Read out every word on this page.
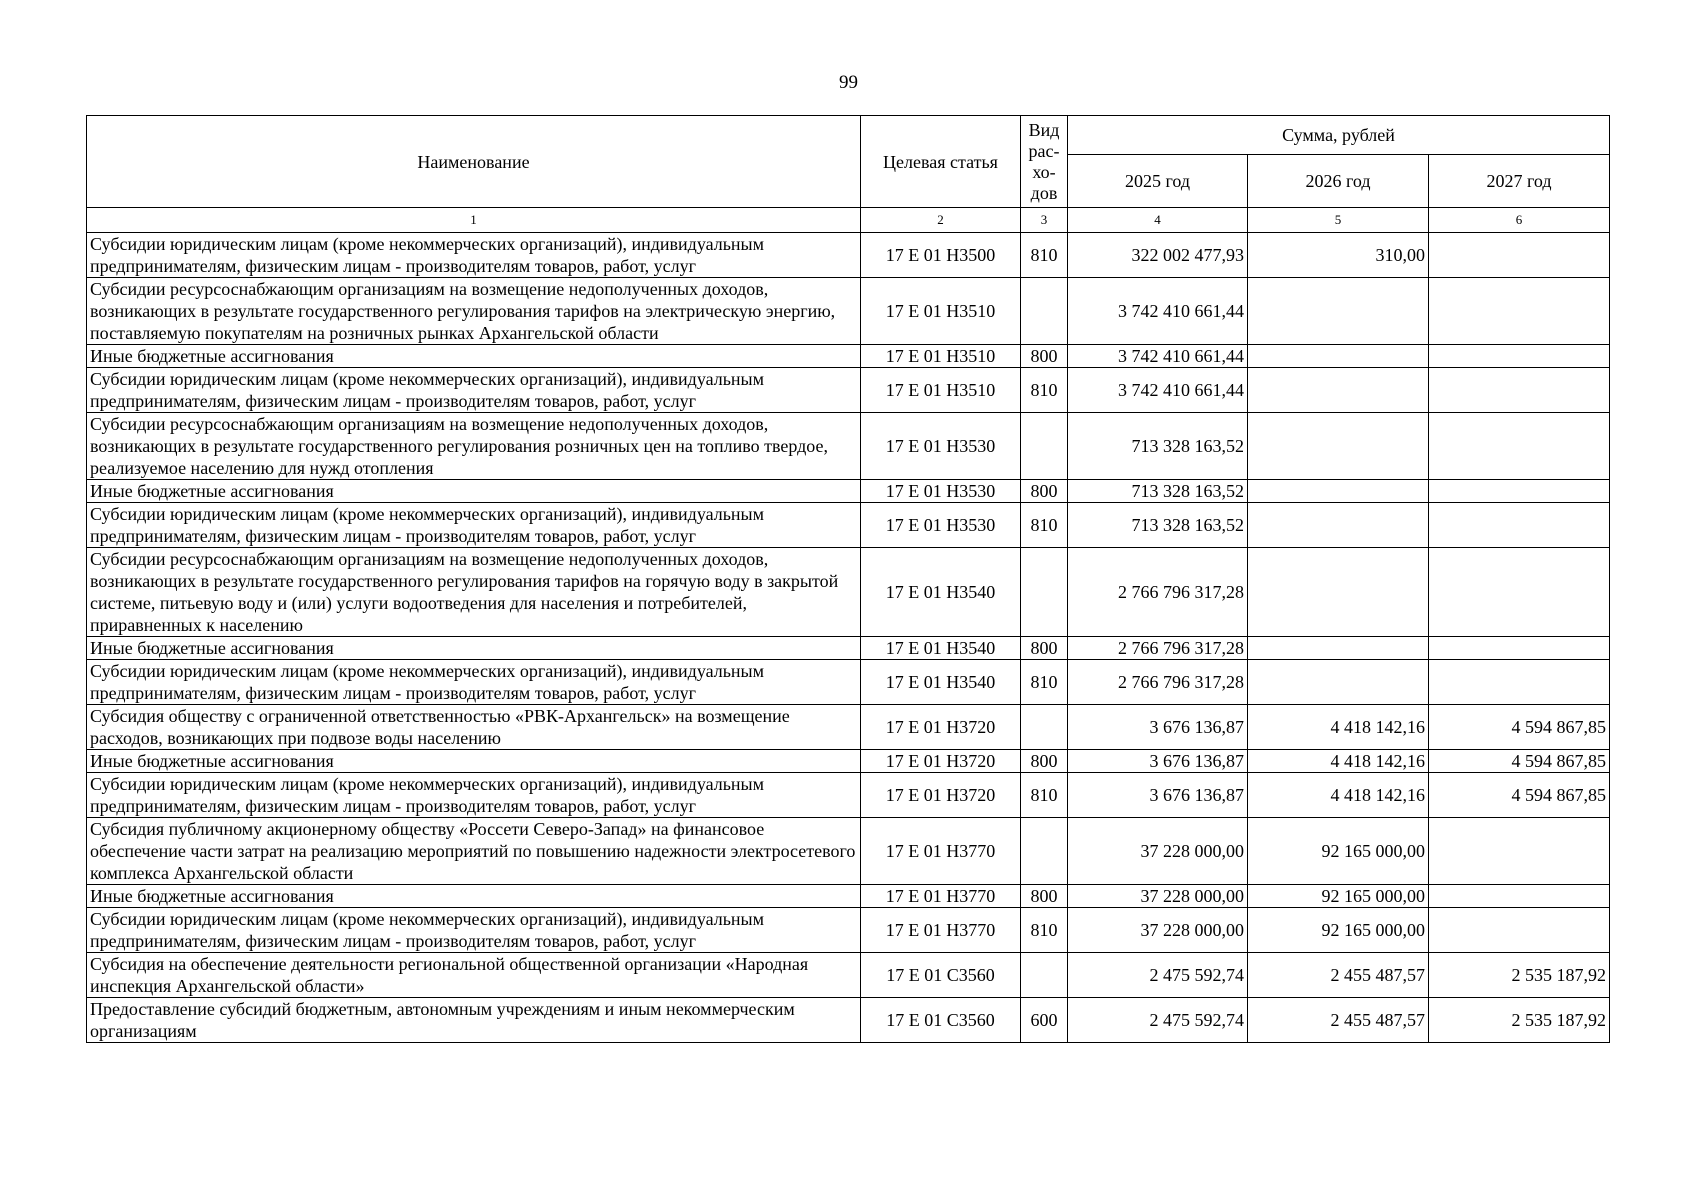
99
Наименование	Целевая статья	Вид рас-хо-дов	Сумма, рублей		
			2025 год	2026 год	2027 год
1	2	3	4	5	6
Субсидии юридическим лицам (кроме некоммерческих организаций), индивидуальным предпринимателям, физическим лицам - производителям товаров, работ, услуг	17 Е 01 Н3500	810	322 002 477,93	310,00	
Субсидии ресурсоснабжающим организациям на возмещение недополученных доходов, возникающих в результате государственного регулирования тарифов на электрическую энергию, поставляемую покупателям на розничных рынках Архангельской области	17 Е 01 Н3510		3 742 410 661,44		
Иные бюджетные ассигнования	17 Е 01 Н3510	800	3 742 410 661,44		
Субсидии юридическим лицам (кроме некоммерческих организаций), индивидуальным предпринимателям, физическим лицам - производителям товаров, работ, услуг	17 Е 01 Н3510	810	3 742 410 661,44		
Субсидии ресурсоснабжающим организациям на возмещение недополученных доходов, возникающих в результате государственного регулирования розничных цен на топливо твердое, реализуемое населению для нужд отопления	17 Е 01 Н3530		713 328 163,52		
Иные бюджетные ассигнования	17 Е 01 Н3530	800	713 328 163,52		
Субсидии юридическим лицам (кроме некоммерческих организаций), индивидуальным предпринимателям, физическим лицам - производителям товаров, работ, услуг	17 Е 01 Н3530	810	713 328 163,52		
Субсидии ресурсоснабжающим организациям на возмещение недополученных доходов, возникающих в результате государственного регулирования тарифов на горячую воду в закрытой системе, питьевую воду и (или) услуги водоотведения для населения и потребителей, приравненных к населению	17 Е 01 Н3540		2 766 796 317,28		
Иные бюджетные ассигнования	17 Е 01 Н3540	800	2 766 796 317,28		
Субсидии юридическим лицам (кроме некоммерческих организаций), индивидуальным предпринимателям, физическим лицам - производителям товаров, работ, услуг	17 Е 01 Н3540	810	2 766 796 317,28		
Субсидия обществу с ограниченной ответственностью «РВК-Архангельск» на возмещение расходов, возникающих при подвозе воды населению	17 Е 01 Н3720		3 676 136,87	4 418 142,16	4 594 867,85
Иные бюджетные ассигнования	17 Е 01 Н3720	800	3 676 136,87	4 418 142,16	4 594 867,85
Субсидии юридическим лицам (кроме некоммерческих организаций), индивидуальным предпринимателям, физическим лицам - производителям товаров, работ, услуг	17 Е 01 Н3720	810	3 676 136,87	4 418 142,16	4 594 867,85
Субсидия публичному акционерному обществу «Россети Северо-Запад» на финансовое обеспечение части затрат на реализацию мероприятий по повышению надежности электросетевого комплекса Архангельской области	17 Е 01 Н3770		37 228 000,00	92 165 000,00	
Иные бюджетные ассигнования	17 Е 01 Н3770	800	37 228 000,00	92 165 000,00	
Субсидии юридическим лицам (кроме некоммерческих организаций), индивидуальным предпринимателям, физическим лицам - производителям товаров, работ, услуг	17 Е 01 Н3770	810	37 228 000,00	92 165 000,00	
Субсидия на обеспечение деятельности региональной общественной организации «Народная инспекция Архангельской области»	17 Е 01 С3560		2 475 592,74	2 455 487,57	2 535 187,92
Предоставление субсидий бюджетным, автономным учреждениям и иным некоммерческим организациям	17 Е 01 С3560	600	2 475 592,74	2 455 487,57	2 535 187,92
